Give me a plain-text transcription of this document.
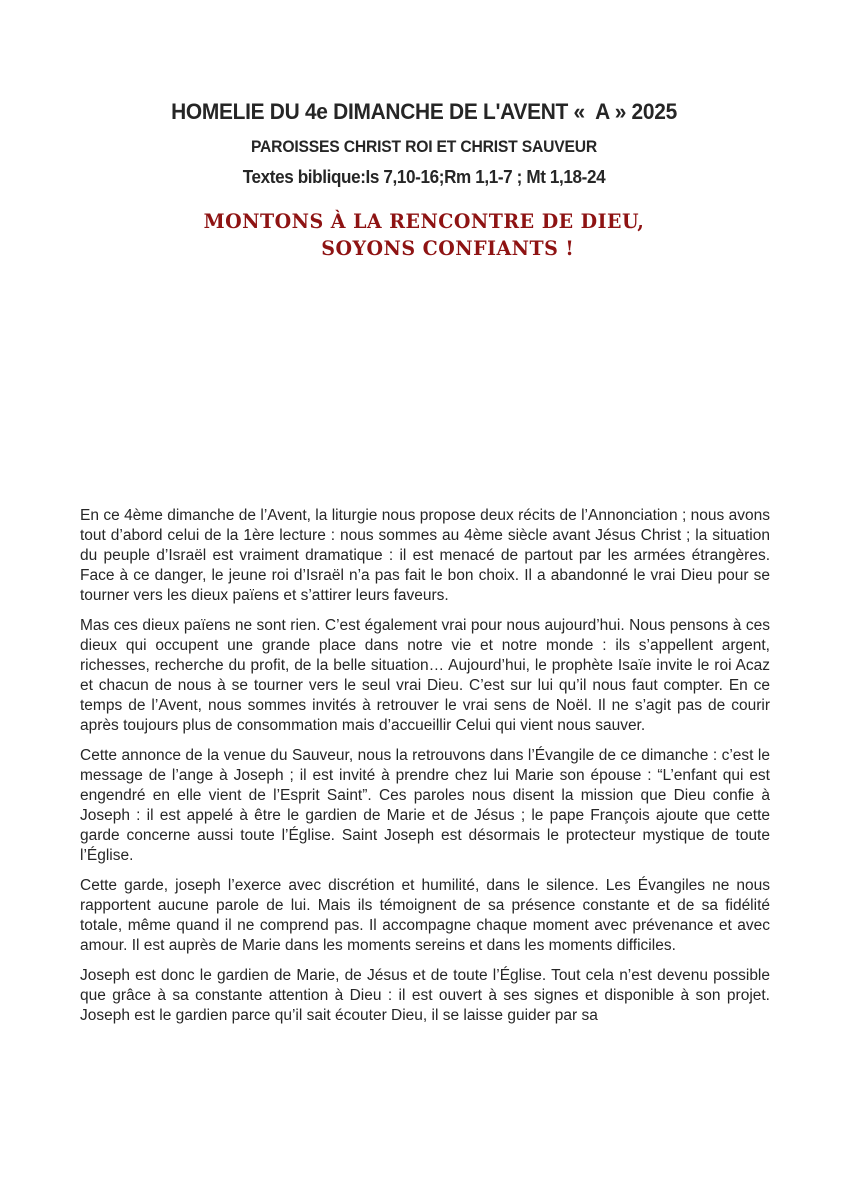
HOMELIE DU 4e DIMANCHE DE L'AVENT «  A » 2025
PAROISSES CHRIST ROI ET CHRIST SAUVEUR
Textes biblique:Is 7,10-16;Rm 1,1-7 ; Mt 1,18-24
MONTONS À LA RENCONTRE DE DIEU,
SOYONS CONFIANTS !

En ce 4ème dimanche de l’Avent, la liturgie nous propose deux récits de l’Annonciation ; nous avons tout d’abord celui de la 1ère lecture : nous sommes au 4ème siècle avant Jésus Christ ; la situation du peuple d’Israël est vraiment dramatique : il est menacé de partout par les armées étrangères. Face à ce danger, le jeune roi d’Israël n’a pas fait le bon choix. Il a abandonné le vrai Dieu pour se tourner vers les dieux païens et s’attirer leurs faveurs.

Mas ces dieux païens ne sont rien. C’est également vrai pour nous aujourd’hui. Nous pensons à ces dieux qui occupent une grande place dans notre vie et notre monde : ils s’appellent argent, richesses, recherche du profit, de la belle situation… Aujourd’hui, le prophète Isaïe invite le roi Acaz et chacun de nous à se tourner vers le seul vrai Dieu. C’est sur lui qu’il nous faut compter. En ce temps de l’Avent, nous sommes invités à retrouver le vrai sens de Noël. Il ne s’agit pas de courir après toujours plus de consommation mais d’accueillir Celui qui vient nous sauver.

Cette annonce de la venue du Sauveur, nous la retrouvons dans l’Évangile de ce dimanche : c’est le message de l’ange à Joseph ; il est invité à prendre chez lui Marie son épouse : “L’enfant qui est engendré en elle vient de l’Esprit Saint”. Ces paroles nous disent la mission que Dieu confie à Joseph : il est appelé à être le gardien de Marie et de Jésus ; le pape François ajoute que cette garde concerne aussi toute l’Église. Saint Joseph est désormais le protecteur mystique de toute l’Église.

Cette garde, joseph l’exerce avec discrétion et humilité, dans le silence. Les Évangiles ne nous rapportent aucune parole de lui. Mais ils témoignent de sa présence constante et de sa fidélité totale, même quand il ne comprend pas. Il accompagne chaque moment avec prévenance et avec amour. Il est auprès de Marie dans les moments sereins et dans les moments difficiles.

Joseph est donc le gardien de Marie, de Jésus et de toute l’Église. Tout cela n’est devenu possible que grâce à sa constante attention à Dieu : il est ouvert à ses signes et disponible à son projet. Joseph est le gardien parce qu’il sait écouter Dieu, il se laisse guider par sa
